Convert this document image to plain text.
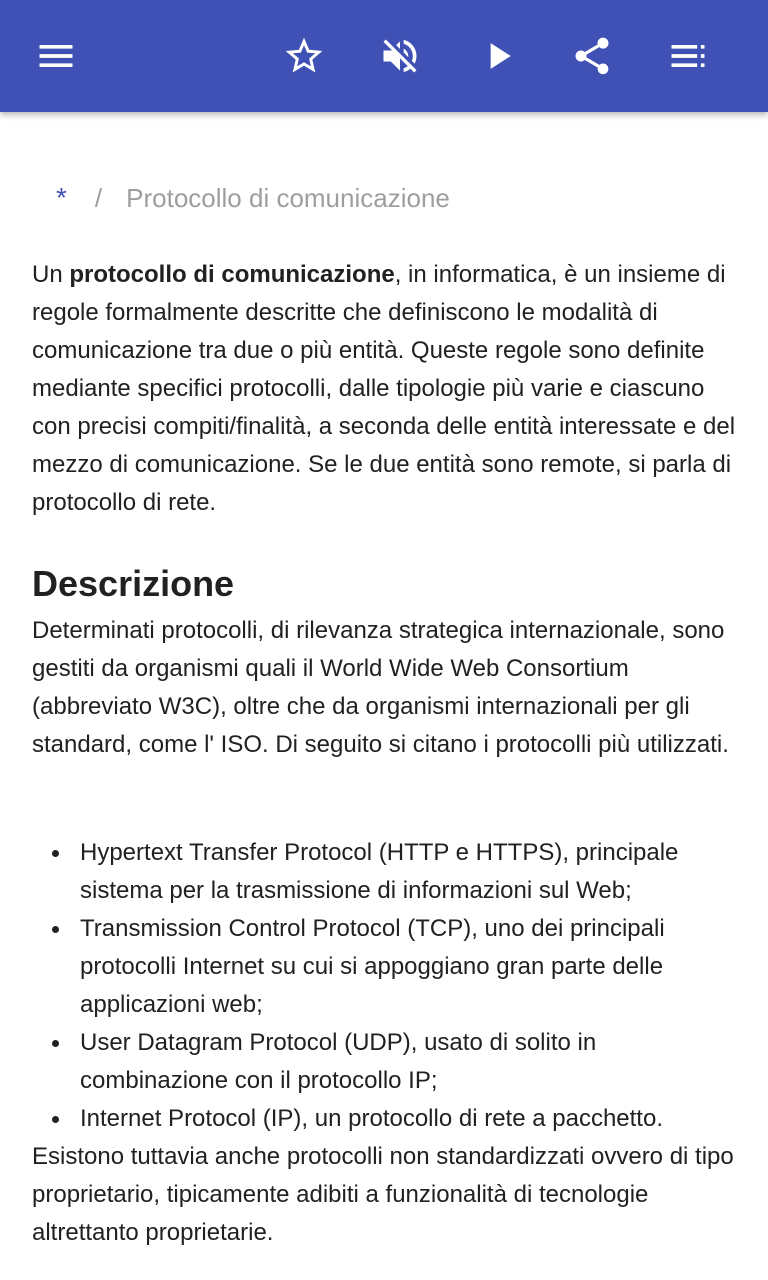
* / Protocollo di comunicazione

Un protocollo di comunicazione, in informatica, è un insieme di regole formalmente descritte che definiscono le modalità di comunicazione tra due o più entità. Queste regole sono definite mediante specifici protocolli, dalle tipologie più varie e ciascuno con precisi compiti/finalità, a seconda delle entità interessate e del mezzo di comunicazione. Se le due entità sono remote, si parla di protocollo di rete.

Descrizione

Determinati protocolli, di rilevanza strategica internazionale, sono gestiti da organismi quali il World Wide Web Consortium (abbreviato W3C), oltre che da organismi internazionali per gli standard, come l' ISO. Di seguito si citano i protocolli più utilizzati.

Hypertext Transfer Protocol (HTTP e HTTPS), principale sistema per la trasmissione di informazioni sul Web;
Transmission Control Protocol (TCP), uno dei principali protocolli Internet su cui si appoggiano gran parte delle applicazioni web;
User Datagram Protocol (UDP), usato di solito in combinazione con il protocollo IP;
Internet Protocol (IP), un protocollo di rete a pacchetto.

Esistono tuttavia anche protocolli non standardizzati ovvero di tipo proprietario, tipicamente adibiti a funzionalità di tecnologie altrettanto proprietarie.
